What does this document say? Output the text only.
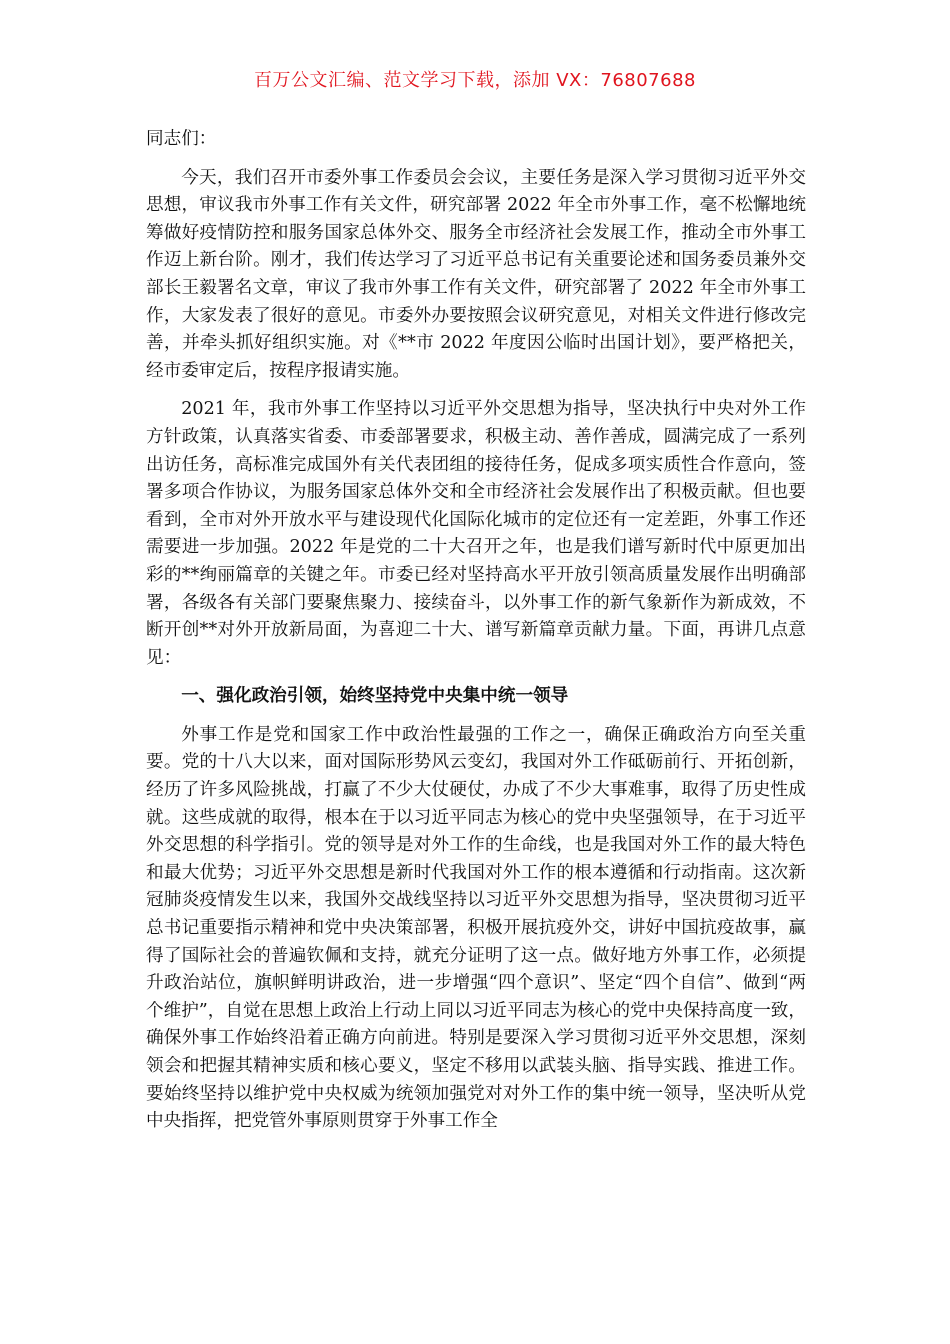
百万公文汇编、范文学习下载，添加 VX：76807688

同志们：

今天，我们召开市委外事工作委员会会议，主要任务是深入学习贯彻习近平外交思想，审议我市外事工作有关文件，研究部署 2022 年全市外事工作，毫不松懈地统筹做好疫情防控和服务国家总体外交、服务全市经济社会发展工作，推动全市外事工作迈上新台阶。刚才，我们传达学习了习近平总书记有关重要论述和国务委员兼外交部长王毅署名文章，审议了我市外事工作有关文件，研究部署了 2022 年全市外事工作，大家发表了很好的意见。市委外办要按照会议研究意见，对相关文件进行修改完善，并牵头抓好组织实施。对《**市 2022 年度因公临时出国计划》，要严格把关，经市委审定后，按程序报请实施。

2021 年，我市外事工作坚持以习近平外交思想为指导，坚决执行中央对外工作方针政策，认真落实省委、市委部署要求，积极主动、善作善成，圆满完成了一系列出访任务，高标准完成国外有关代表团组的接待任务，促成多项实质性合作意向，签署多项合作协议，为服务国家总体外交和全市经济社会发展作出了积极贡献。但也要看到，全市对外开放水平与建设现代化国际化城市的定位还有一定差距，外事工作还需要进一步加强。2022 年是党的二十大召开之年，也是我们谱写新时代中原更加出彩的**绚丽篇章的关键之年。市委已经对坚持高水平开放引领高质量发展作出明确部署，各级各有关部门要聚焦聚力、接续奋斗，以外事工作的新气象新作为新成效，不断开创**对外开放新局面，为喜迎二十大、谱写新篇章贡献力量。下面，再讲几点意见：

一、强化政治引领，始终坚持党中央集中统一领导

外事工作是党和国家工作中政治性最强的工作之一，确保正确政治方向至关重要。党的十八大以来，面对国际形势风云变幻，我国对外工作砥砺前行、开拓创新，经历了许多风险挑战，打赢了不少大仗硬仗，办成了不少大事难事，取得了历史性成就。这些成就的取得，根本在于以习近平同志为核心的党中央坚强领导，在于习近平外交思想的科学指引。党的领导是对外工作的生命线，也是我国对外工作的最大特色和最大优势；习近平外交思想是新时代我国对外工作的根本遵循和行动指南。这次新冠肺炎疫情发生以来，我国外交战线坚持以习近平外交思想为指导，坚决贯彻习近平总书记重要指示精神和党中央决策部署，积极开展抗疫外交，讲好中国抗疫故事，赢得了国际社会的普遍钦佩和支持，就充分证明了这一点。做好地方外事工作，必须提升政治站位，旗帜鲜明讲政治，进一步增强“四个意识”、坚定“四个自信”、做到“两个维护”，自觉在思想上政治上行动上同以习近平同志为核心的党中央保持高度一致，确保外事工作始终沿着正确方向前进。特别是要深入学习贯彻习近平外交思想，深刻领会和把握其精神实质和核心要义，坚定不移用以武装头脑、指导实践、推进工作。要始终坚持以维护党中央权威为统领加强党对对外工作的集中统一领导，坚决听从党中央指挥，把党管外事原则贯穿于外事工作全
